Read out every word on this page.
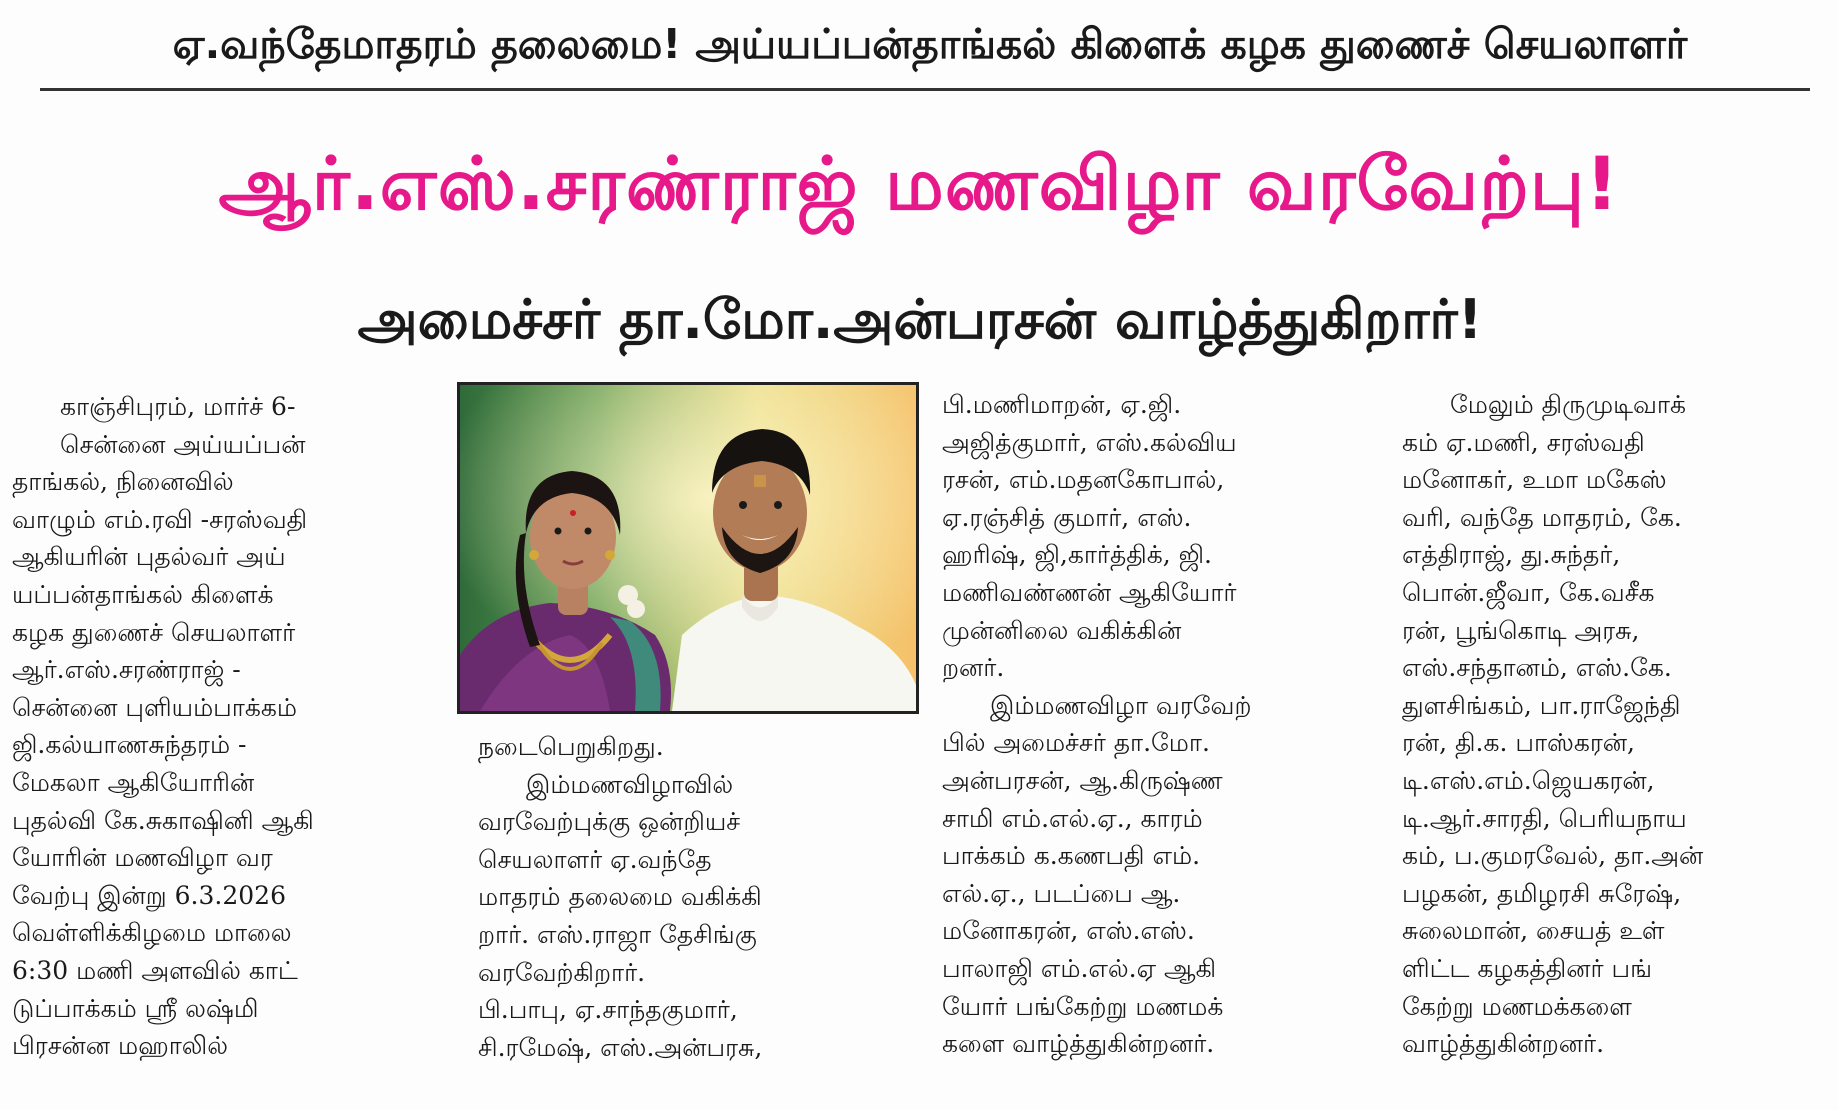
ஏ.வந்தேமாதரம் தலைமை! அய்யப்பன்தாங்கல் கிளைக் கழக துணைச் செயலாளர்
ஆர்.எஸ்.சரண்ராஜ் மணவிழா வரவேற்பு!
அமைச்சர் தா.மோ.அன்பரசன் வாழ்த்துகிறார்!
காஞ்சிபுரம், மார்ச் 6-
சென்னை அய்யப்பன்
தாங்கல், நினைவில்
வாழும் எம்.ரவி -சரஸ்வதி
ஆகியரின் புதல்வர் அய்
யப்பன்தாங்கல் கிளைக்
கழக துணைச் செயலாளர்
ஆர்.எஸ்.சரண்ராஜ் -
சென்னை புளியம்பாக்கம்
ஜி.கல்யாணசுந்தரம் -
மேகலா ஆகியோரின்
புதல்வி கே.சுகாஷினி ஆகி
யோரின் மணவிழா வர
வேற்பு இன்று 6.3.2026
வெள்ளிக்கிழமை மாலை
6:30 மணி அளவில் காட்
டுப்பாக்கம் ஸ்ரீ லஷ்மி
பிரசன்ன மஹாலில்
நடைபெறுகிறது.
இம்மணவிழாவில்
வரவேற்புக்கு ஒன்றியச்
செயலாளர் ஏ.வந்தே
மாதரம் தலைமை வகிக்கி
றார். எஸ்.ராஜா தேசிங்கு
வரவேற்கிறார்.
பி.பாபு, ஏ.சாந்தகுமார்,
சி.ரமேஷ், எஸ்.அன்பரசு,
பி.மணிமாறன், ஏ.ஜி.
அஜித்குமார், எஸ்.கல்விய
ரசன், எம்.மதனகோபால்,
ஏ.ரஞ்சித் குமார், எஸ்.
ஹரிஷ், ஜி,கார்த்திக், ஜி.
மணிவண்ணன் ஆகியோர்
முன்னிலை வகிக்கின்
றனர்.
இம்மணவிழா வரவேற்
பில் அமைச்சர் தா.மோ.
அன்பரசன், ஆ.கிருஷ்ண
சாமி எம்.எல்.ஏ., காரம்
பாக்கம் க.கணபதி எம்.
எல்.ஏ., படப்பை ஆ.
மனோகரன், எஸ்.எஸ்.
பாலாஜி எம்.எல்.ஏ ஆகி
யோர் பங்கேற்று மணமக்
களை வாழ்த்துகின்றனர்.
மேலும் திருமுடிவாக்
கம் ஏ.மணி, சரஸ்வதி
மனோகர், உமா மகேஸ்
வரி, வந்தே மாதரம், கே.
எத்திராஜ், து.சுந்தர்,
பொன்.ஜீவா, கே.வசீக
ரன், பூங்கொடி அரசு,
எஸ்.சந்தானம், எஸ்.கே.
துளசிங்கம், பா.ராஜேந்தி
ரன், தி.க. பாஸ்கரன்,
டி.எஸ்.எம்.ஜெயகரன்,
டி.ஆர்.சாரதி, பெரியநாய
கம், ப.குமரவேல், தா.அன்
பழகன், தமிழரசி சுரேஷ்,
சுலைமான், சையத் உள்
ளிட்ட கழகத்தினர் பங்
கேற்று மணமக்களை
வாழ்த்துகின்றனர்.
